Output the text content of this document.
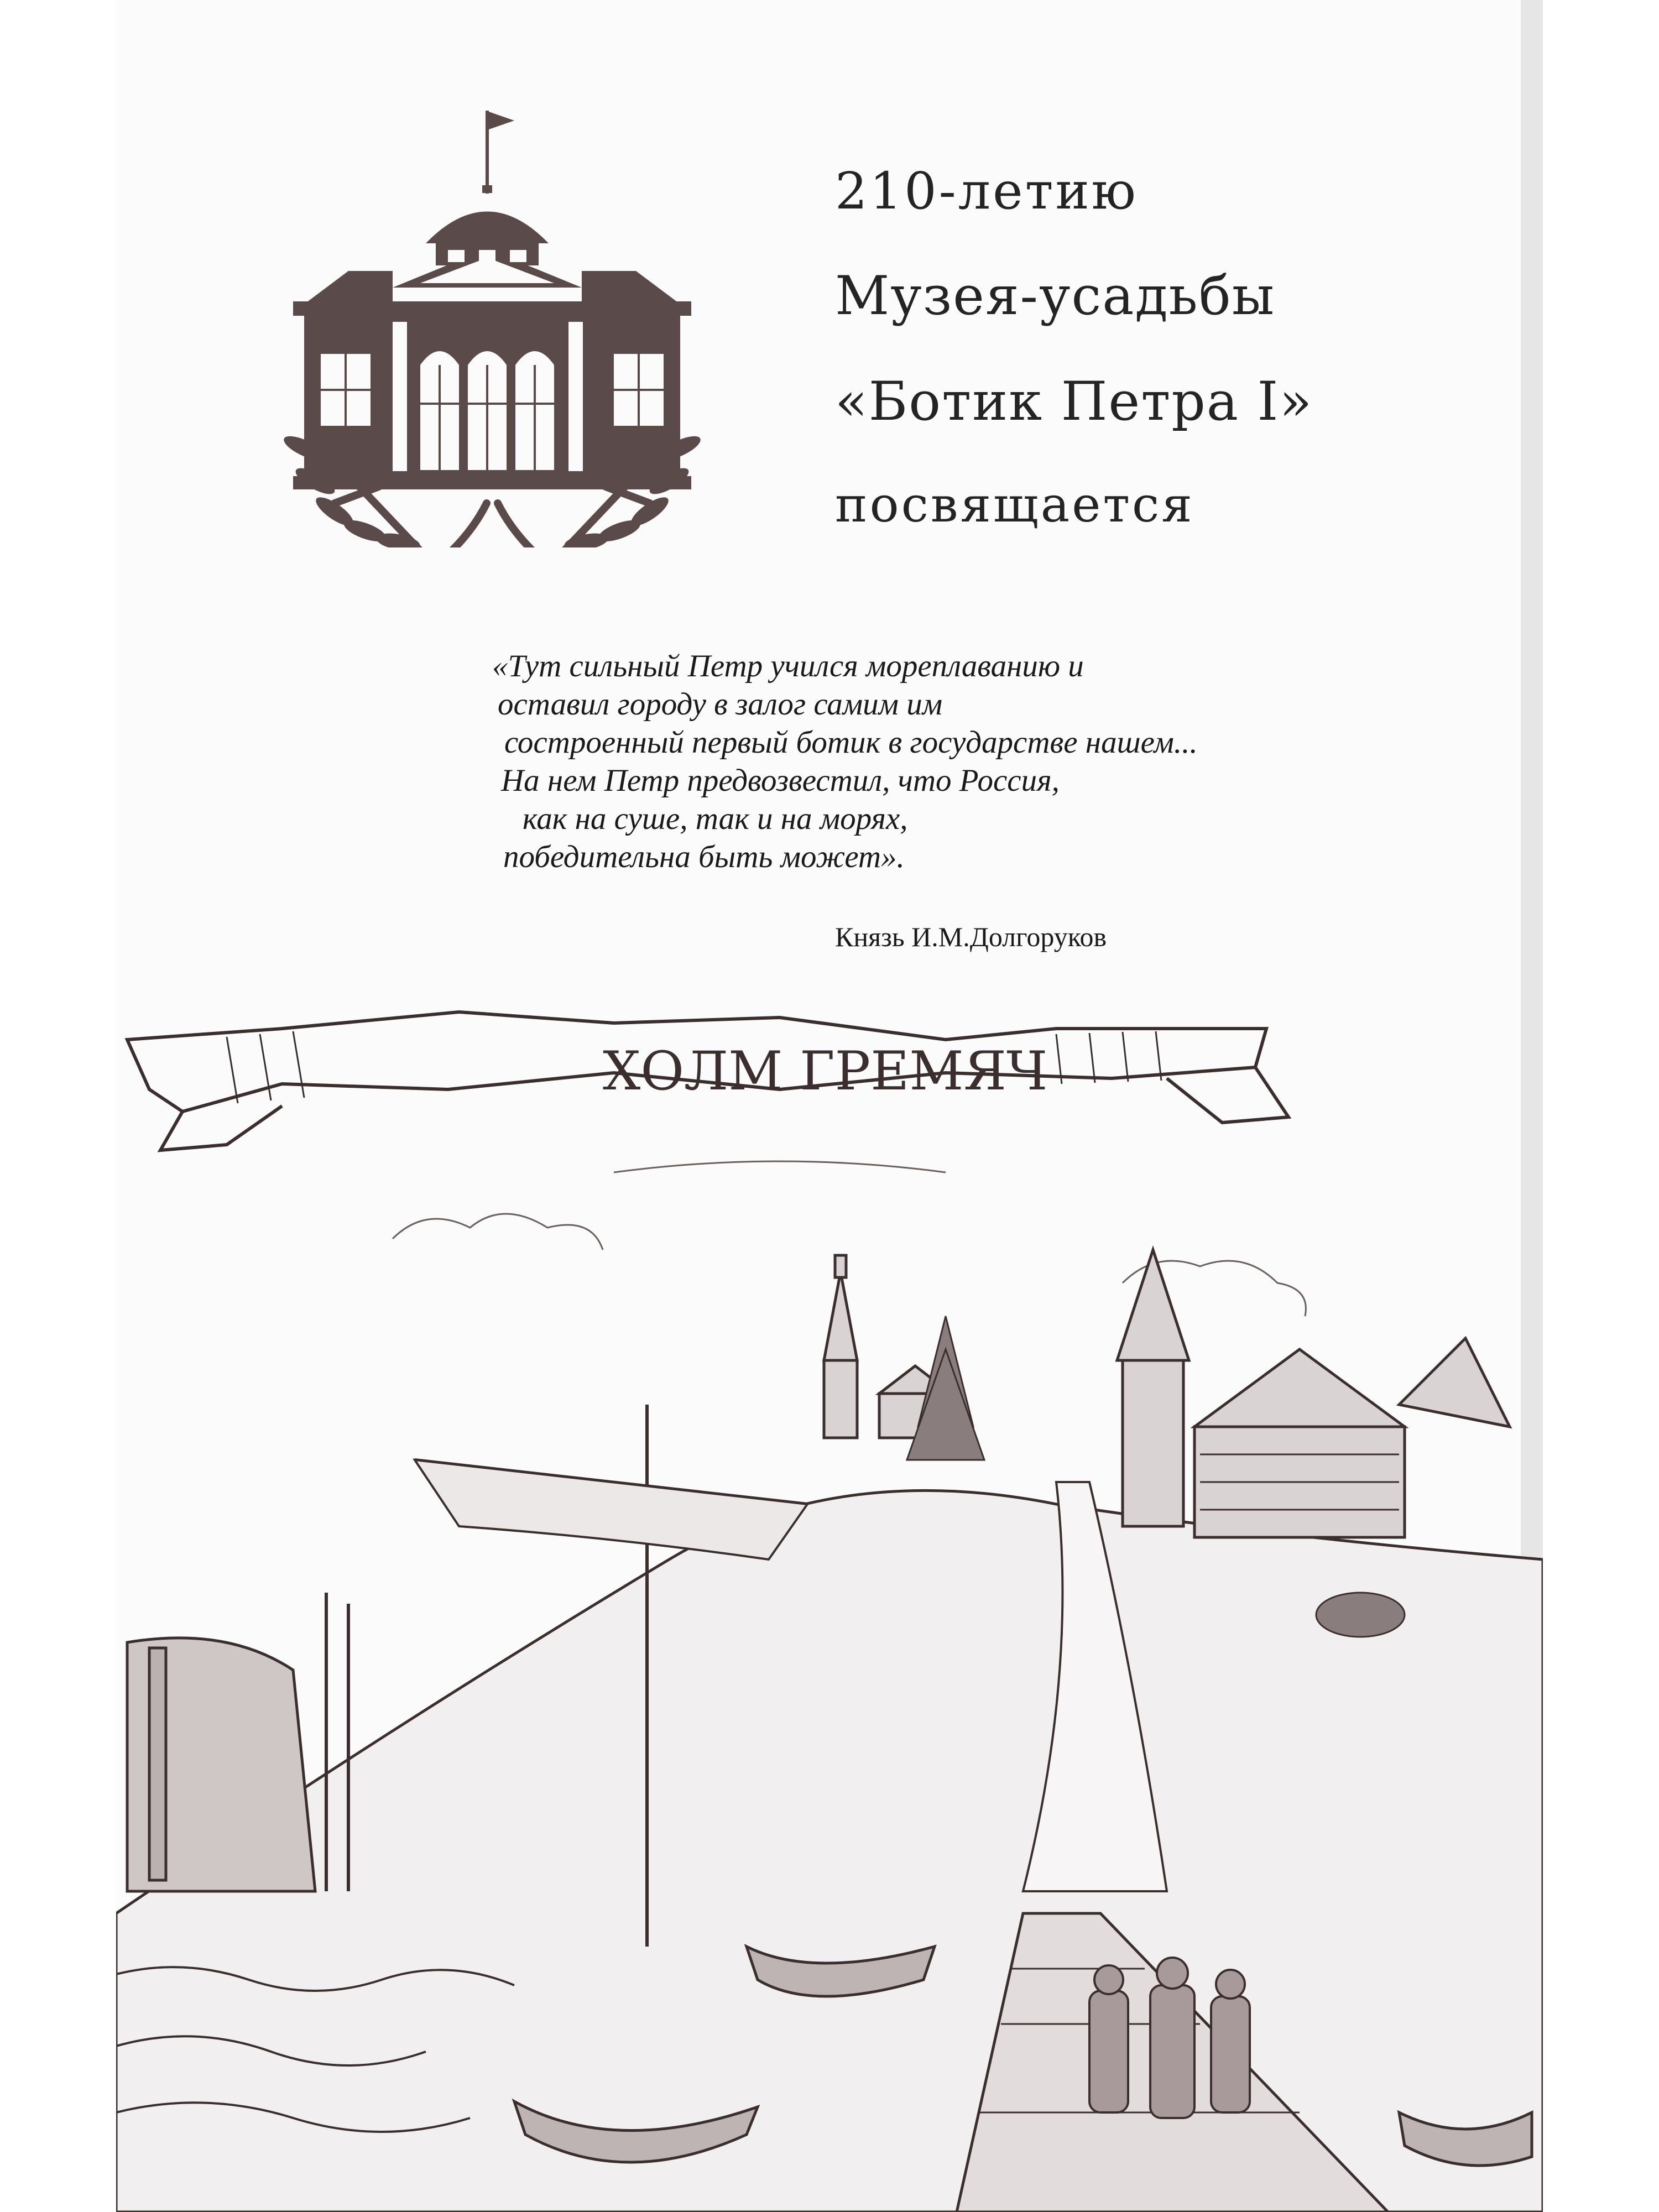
210-летию
Музея-усадьбы
«Ботик Петра I»
посвящается
«Тут сильный Петр учился мореплаванию и
оставил городу в залог самим им
состроенный первый ботик в государстве нашем...
На нем Петр предвозвестил, что Россия,
как на суше, так и на морях,
победительна быть может».
Князь И.М.Долгоруков
ХОЛМ ГРЕМЯЧ
